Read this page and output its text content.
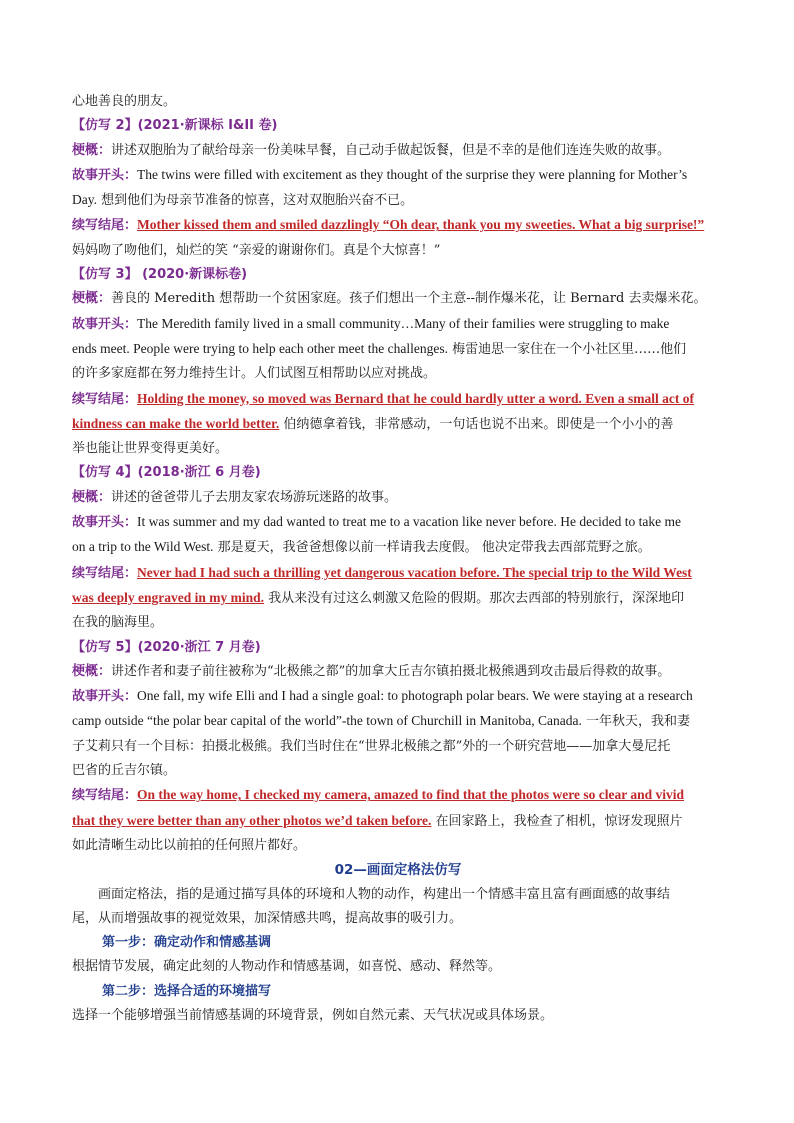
心地善良的朋友。

【仿写 2】(2021·新课标 I&II 卷)

梗概：讲述双胞胎为了献给母亲一份美味早餐，自己动手做起饭餐，但是不幸的是他们连连失败的故事。

故事开头：The twins were filled with excitement as they thought of the surprise they were planning for Mother’s

Day. 想到他们为母亲节准备的惊喜，这对双胞胎兴奋不已。

续写结尾：Mother kissed them and smiled dazzlingly “Oh dear, thank you my sweeties. What a big surprise!”

妈妈吻了吻他们，灿烂的笑 “亲爱的谢谢你们。真是个大惊喜！”

【仿写 3】 (2020·新课标卷)

梗概：善良的 Meredith 想帮助一个贫困家庭。孩子们想出一个主意--制作爆米花，让 Bernard 去卖爆米花。

故事开头：The Meredith family lived in a small community…Many of their families were struggling to make

ends meet. People were trying to help each other meet the challenges. 梅雷迪思一家住在一个小社区里……他们

的许多家庭都在努力维持生计。人们试图互相帮助以应对挑战。

续写结尾：Holding the money, so moved was Bernard that he could hardly utter a word. Even a small act of

kindness can make the world better. 伯纳德拿着钱，非常感动，一句话也说不出来。即使是一个小小的善

举也能让世界变得更美好。

【仿写 4】(2018·浙江 6 月卷)

梗概：讲述的爸爸带儿子去朋友家农场游玩迷路的故事。

故事开头：It was summer and my dad wanted to treat me to a vacation like never before. He decided to take me

on a trip to the Wild West. 那是夏天，我爸爸想像以前一样请我去度假。 他决定带我去西部荒野之旅。

续写结尾：Never had I had such a thrilling yet dangerous vacation before. The special trip to the Wild West

was deeply engraved in my mind. 我从来没有过这么刺激又危险的假期。那次去西部的特别旅行，深深地印

在我的脑海里。

【仿写 5】(2020·浙江 7 月卷)

梗概：讲述作者和妻子前往被称为“北极熊之都”的加拿大丘吉尔镇拍摄北极熊遇到攻击最后得救的故事。

故事开头：One fall, my wife Elli and I had a single goal: to photograph polar bears. We were staying at a research

camp outside “the polar bear capital of the world”-the town of Churchill in Manitoba, Canada. 一年秋天，我和妻

子艾莉只有一个目标：拍摄北极熊。我们当时住在“世界北极熊之都”外的一个研究营地——加拿大曼尼托

巴省的丘吉尔镇。

续写结尾：On the way home, I checked my camera, amazed to find that the photos were so clear and vivid

that they were better than any other photos we’d taken before. 在回家路上，我检查了相机，惊讶发现照片

如此清晰生动比以前拍的任何照片都好。

02—画面定格法仿写

画面定格法，指的是通过描写具体的环境和人物的动作，构建出一个情感丰富且富有画面感的故事结

尾，从而增强故事的视觉效果，加深情感共鸣，提高故事的吸引力。

第一步：确定动作和情感基调

根据情节发展，确定此刻的人物动作和情感基调，如喜悦、感动、释然等。

第二步：选择合适的环境描写

选择一个能够增强当前情感基调的环境背景，例如自然元素、天气状况或具体场景。
